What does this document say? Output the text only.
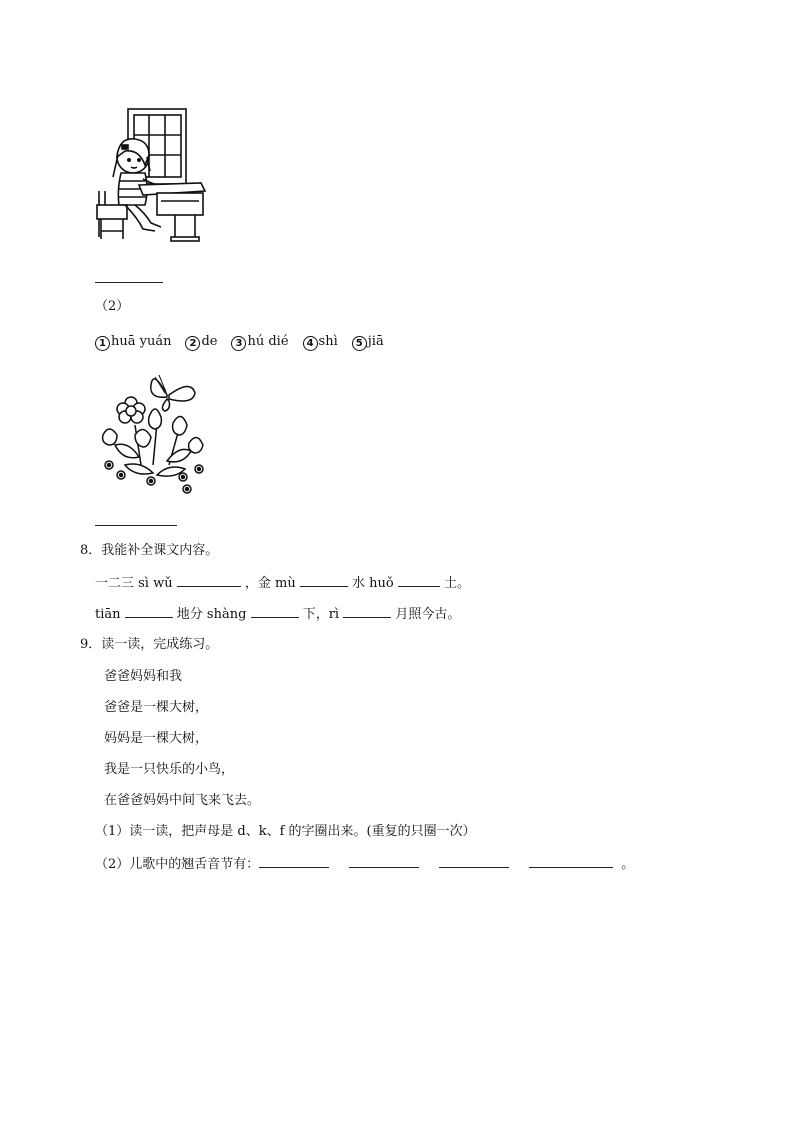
（2）
1 huā yuán 2 de 3 hú dié 4 shì 5 jiā
8．我能补全课文内容。
一二三 sì wǔ	，金 mù	水 huǒ	土。
tiān	地分 shàng	下，rì	月照今古。
9．读一读，完成练习。
爸爸妈妈和我
爸爸是一棵大树，
妈妈是一棵大树，
我是一只快乐的小鸟，
在爸爸妈妈中间飞来飞去。
（1）读一读，把声母是 d、k、f 的字圈出来。(重复的只圈一次）
（2）儿歌中的翘舌音节有：	。
